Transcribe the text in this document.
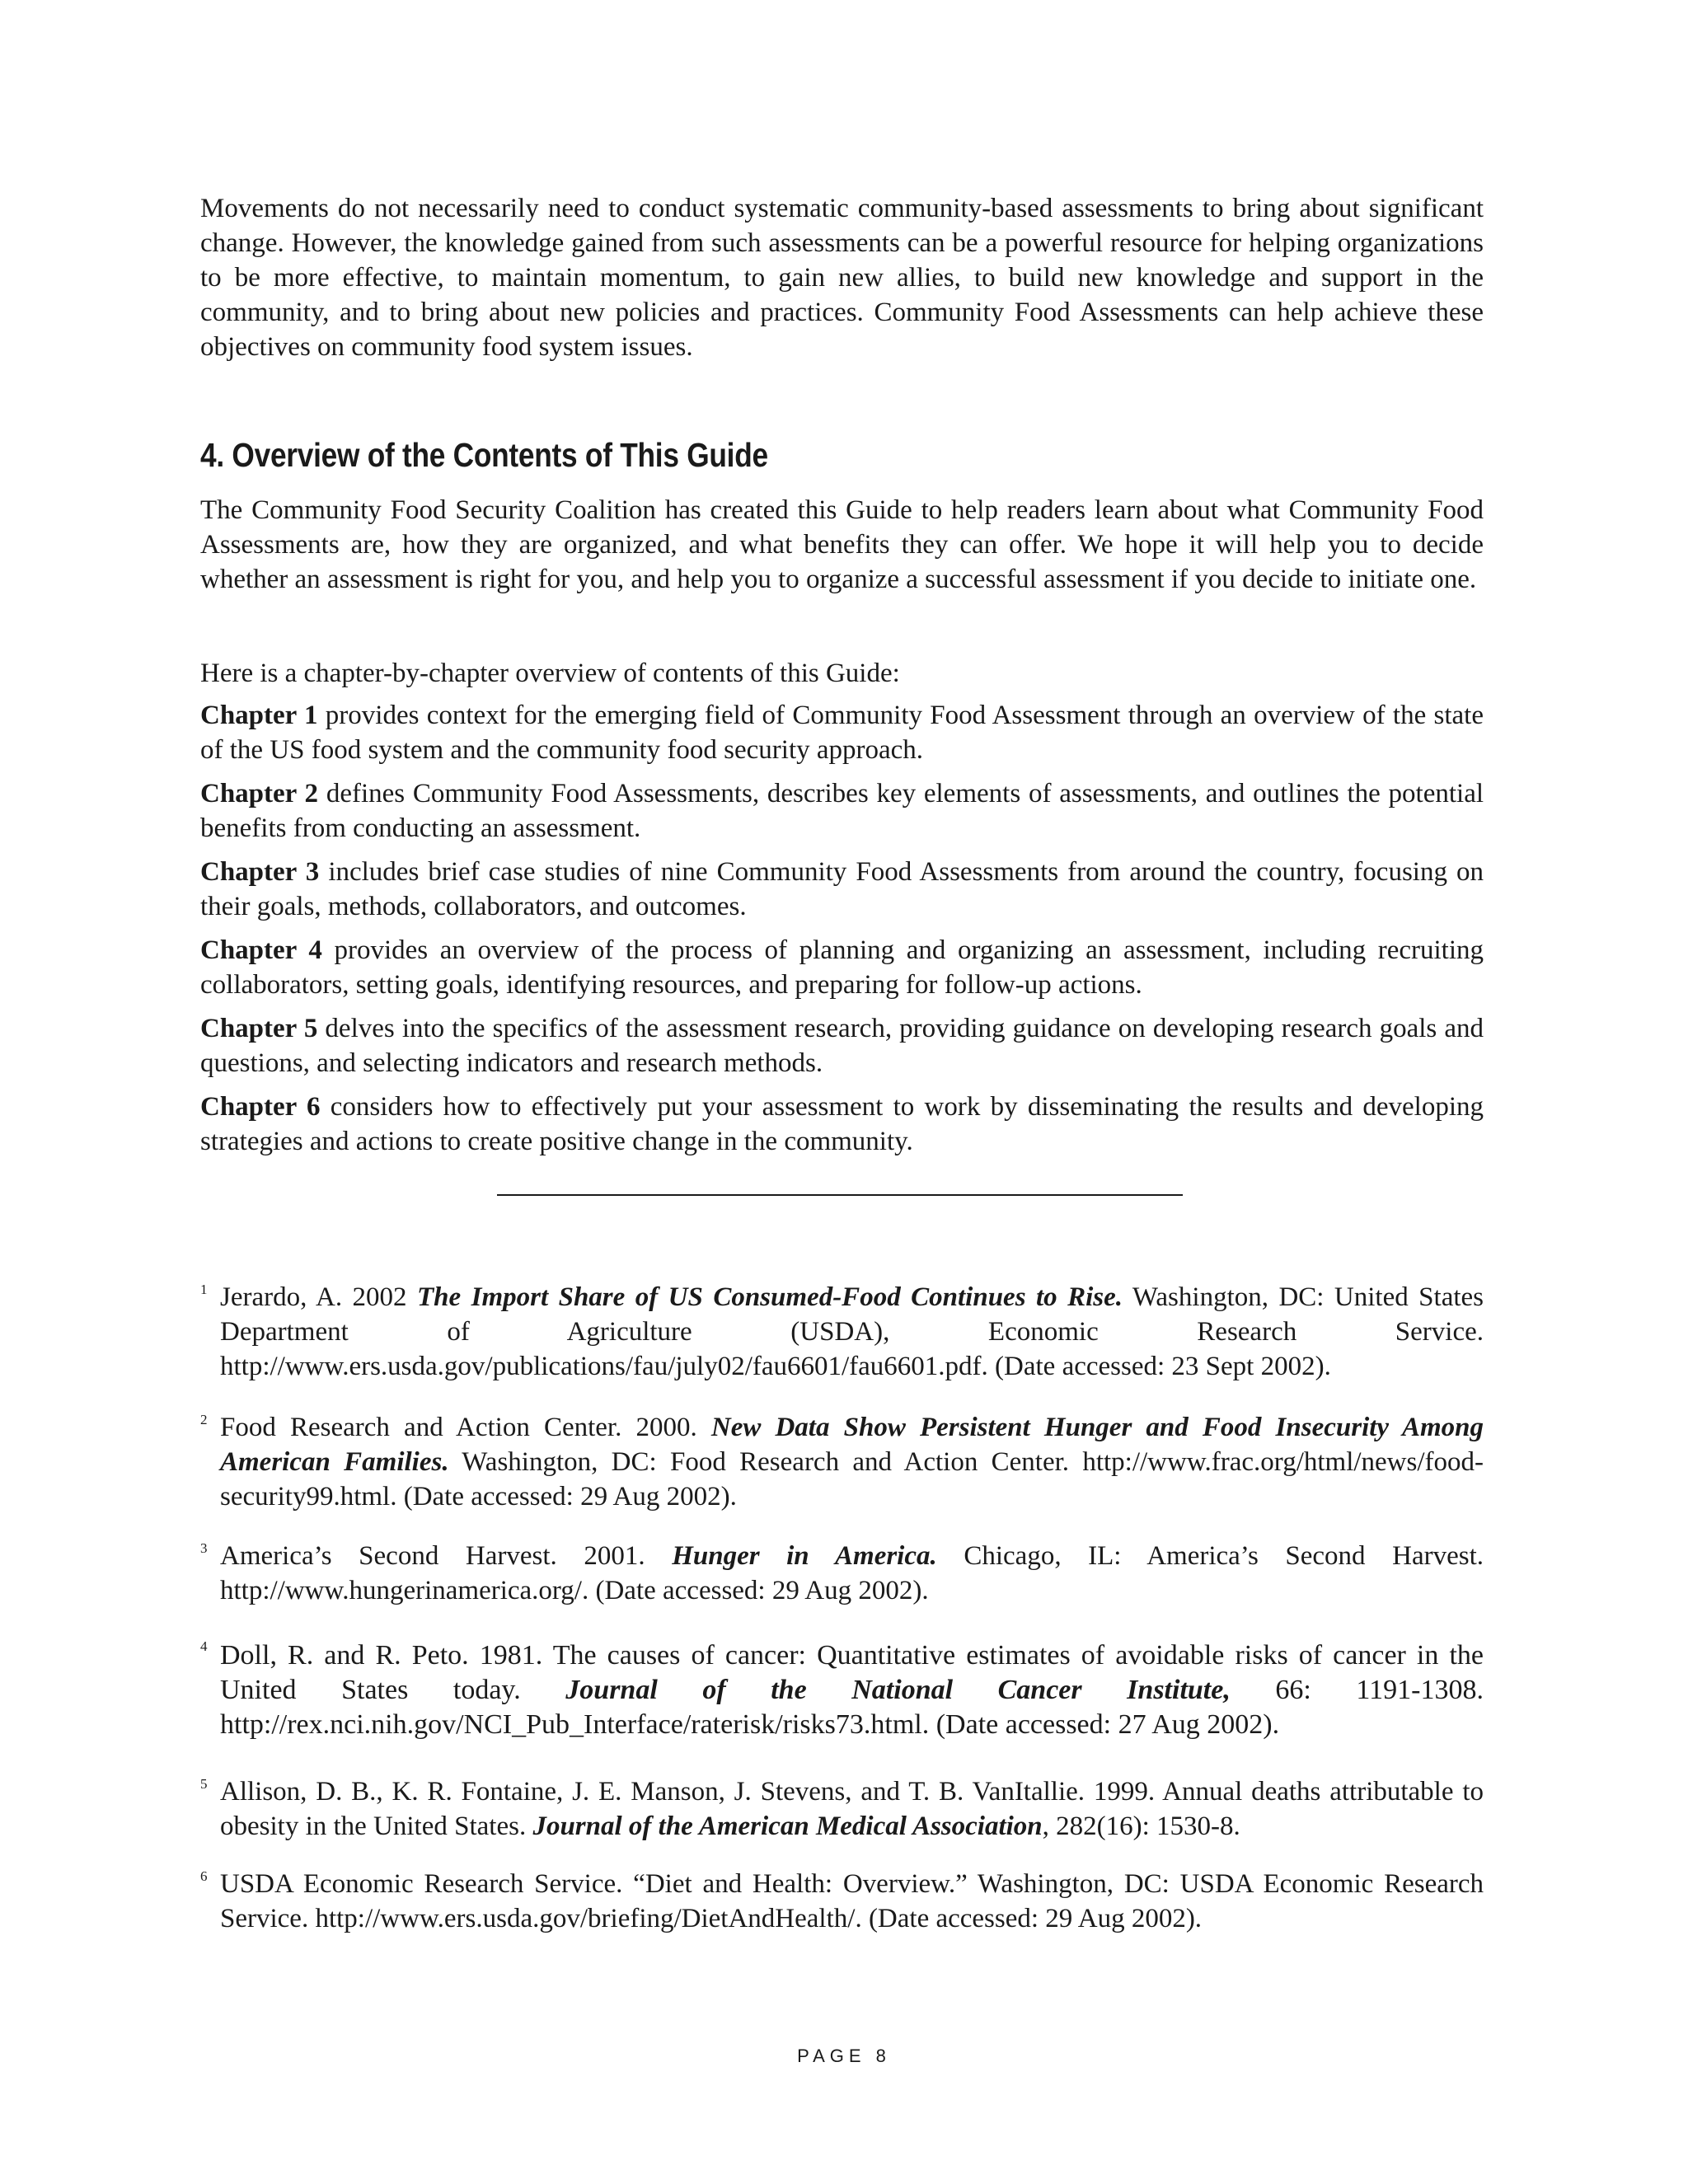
Movements do not necessarily need to conduct systematic community-based assessments to bring about significant change. However, the knowledge gained from such assessments can be a powerful resource for helping organizations to be more effective, to maintain momentum, to gain new allies, to build new knowledge and support in the community, and to bring about new policies and practices. Community Food Assessments can help achieve these objectives on community food system issues.

4. Overview of the Contents of This Guide

The Community Food Security Coalition has created this Guide to help readers learn about what Community Food Assessments are, how they are organized, and what benefits they can offer. We hope it will help you to decide whether an assessment is right for you, and help you to organize a successful assessment if you decide to initiate one.

Here is a chapter-by-chapter overview of contents of this Guide:

Chapter 1 provides context for the emerging field of Community Food Assessment through an overview of the state of the US food system and the community food security approach.

Chapter 2 defines Community Food Assessments, describes key elements of assessments, and outlines the potential benefits from conducting an assessment.

Chapter 3 includes brief case studies of nine Community Food Assessments from around the country, focusing on their goals, methods, collaborators, and outcomes.

Chapter 4 provides an overview of the process of planning and organizing an assessment, including recruiting collaborators, setting goals, identifying resources, and preparing for follow-up actions.

Chapter 5 delves into the specifics of the assessment research, providing guidance on developing research goals and questions, and selecting indicators and research methods.

Chapter 6 considers how to effectively put your assessment to work by disseminating the results and developing strategies and actions to create positive change in the community.

1 Jerardo, A. 2002 The Import Share of US Consumed-Food Continues to Rise. Washington, DC: United States Department of Agriculture (USDA), Economic Research Service. http://www.ers.usda.gov/publications/fau/july02/fau6601/fau6601.pdf. (Date accessed: 23 Sept 2002).
2 Food Research and Action Center. 2000. New Data Show Persistent Hunger and Food Insecurity Among American Families. Washington, DC: Food Research and Action Center. http://www.frac.org/html/news/food-security99.html. (Date accessed: 29 Aug 2002).
3 America’s Second Harvest. 2001. Hunger in America. Chicago, IL: America’s Second Harvest. http://www.hungerinamerica.org/. (Date accessed: 29 Aug 2002).
4 Doll, R. and R. Peto. 1981. The causes of cancer: Quantitative estimates of avoidable risks of cancer in the United States today. Journal of the National Cancer Institute, 66: 1191-1308. http://rex.nci.nih.gov/NCI_Pub_Interface/raterisk/risks73.html. (Date accessed: 27 Aug 2002).
5 Allison, D. B., K. R. Fontaine, J. E. Manson, J. Stevens, and T. B. VanItallie. 1999. Annual deaths attributable to obesity in the United States. Journal of the American Medical Association, 282(16): 1530-8.
6 USDA Economic Research Service. “Diet and Health: Overview.” Washington, DC: USDA Economic Research Service. http://www.ers.usda.gov/briefing/DietAndHealth/. (Date accessed: 29 Aug 2002).
PAGE 8
